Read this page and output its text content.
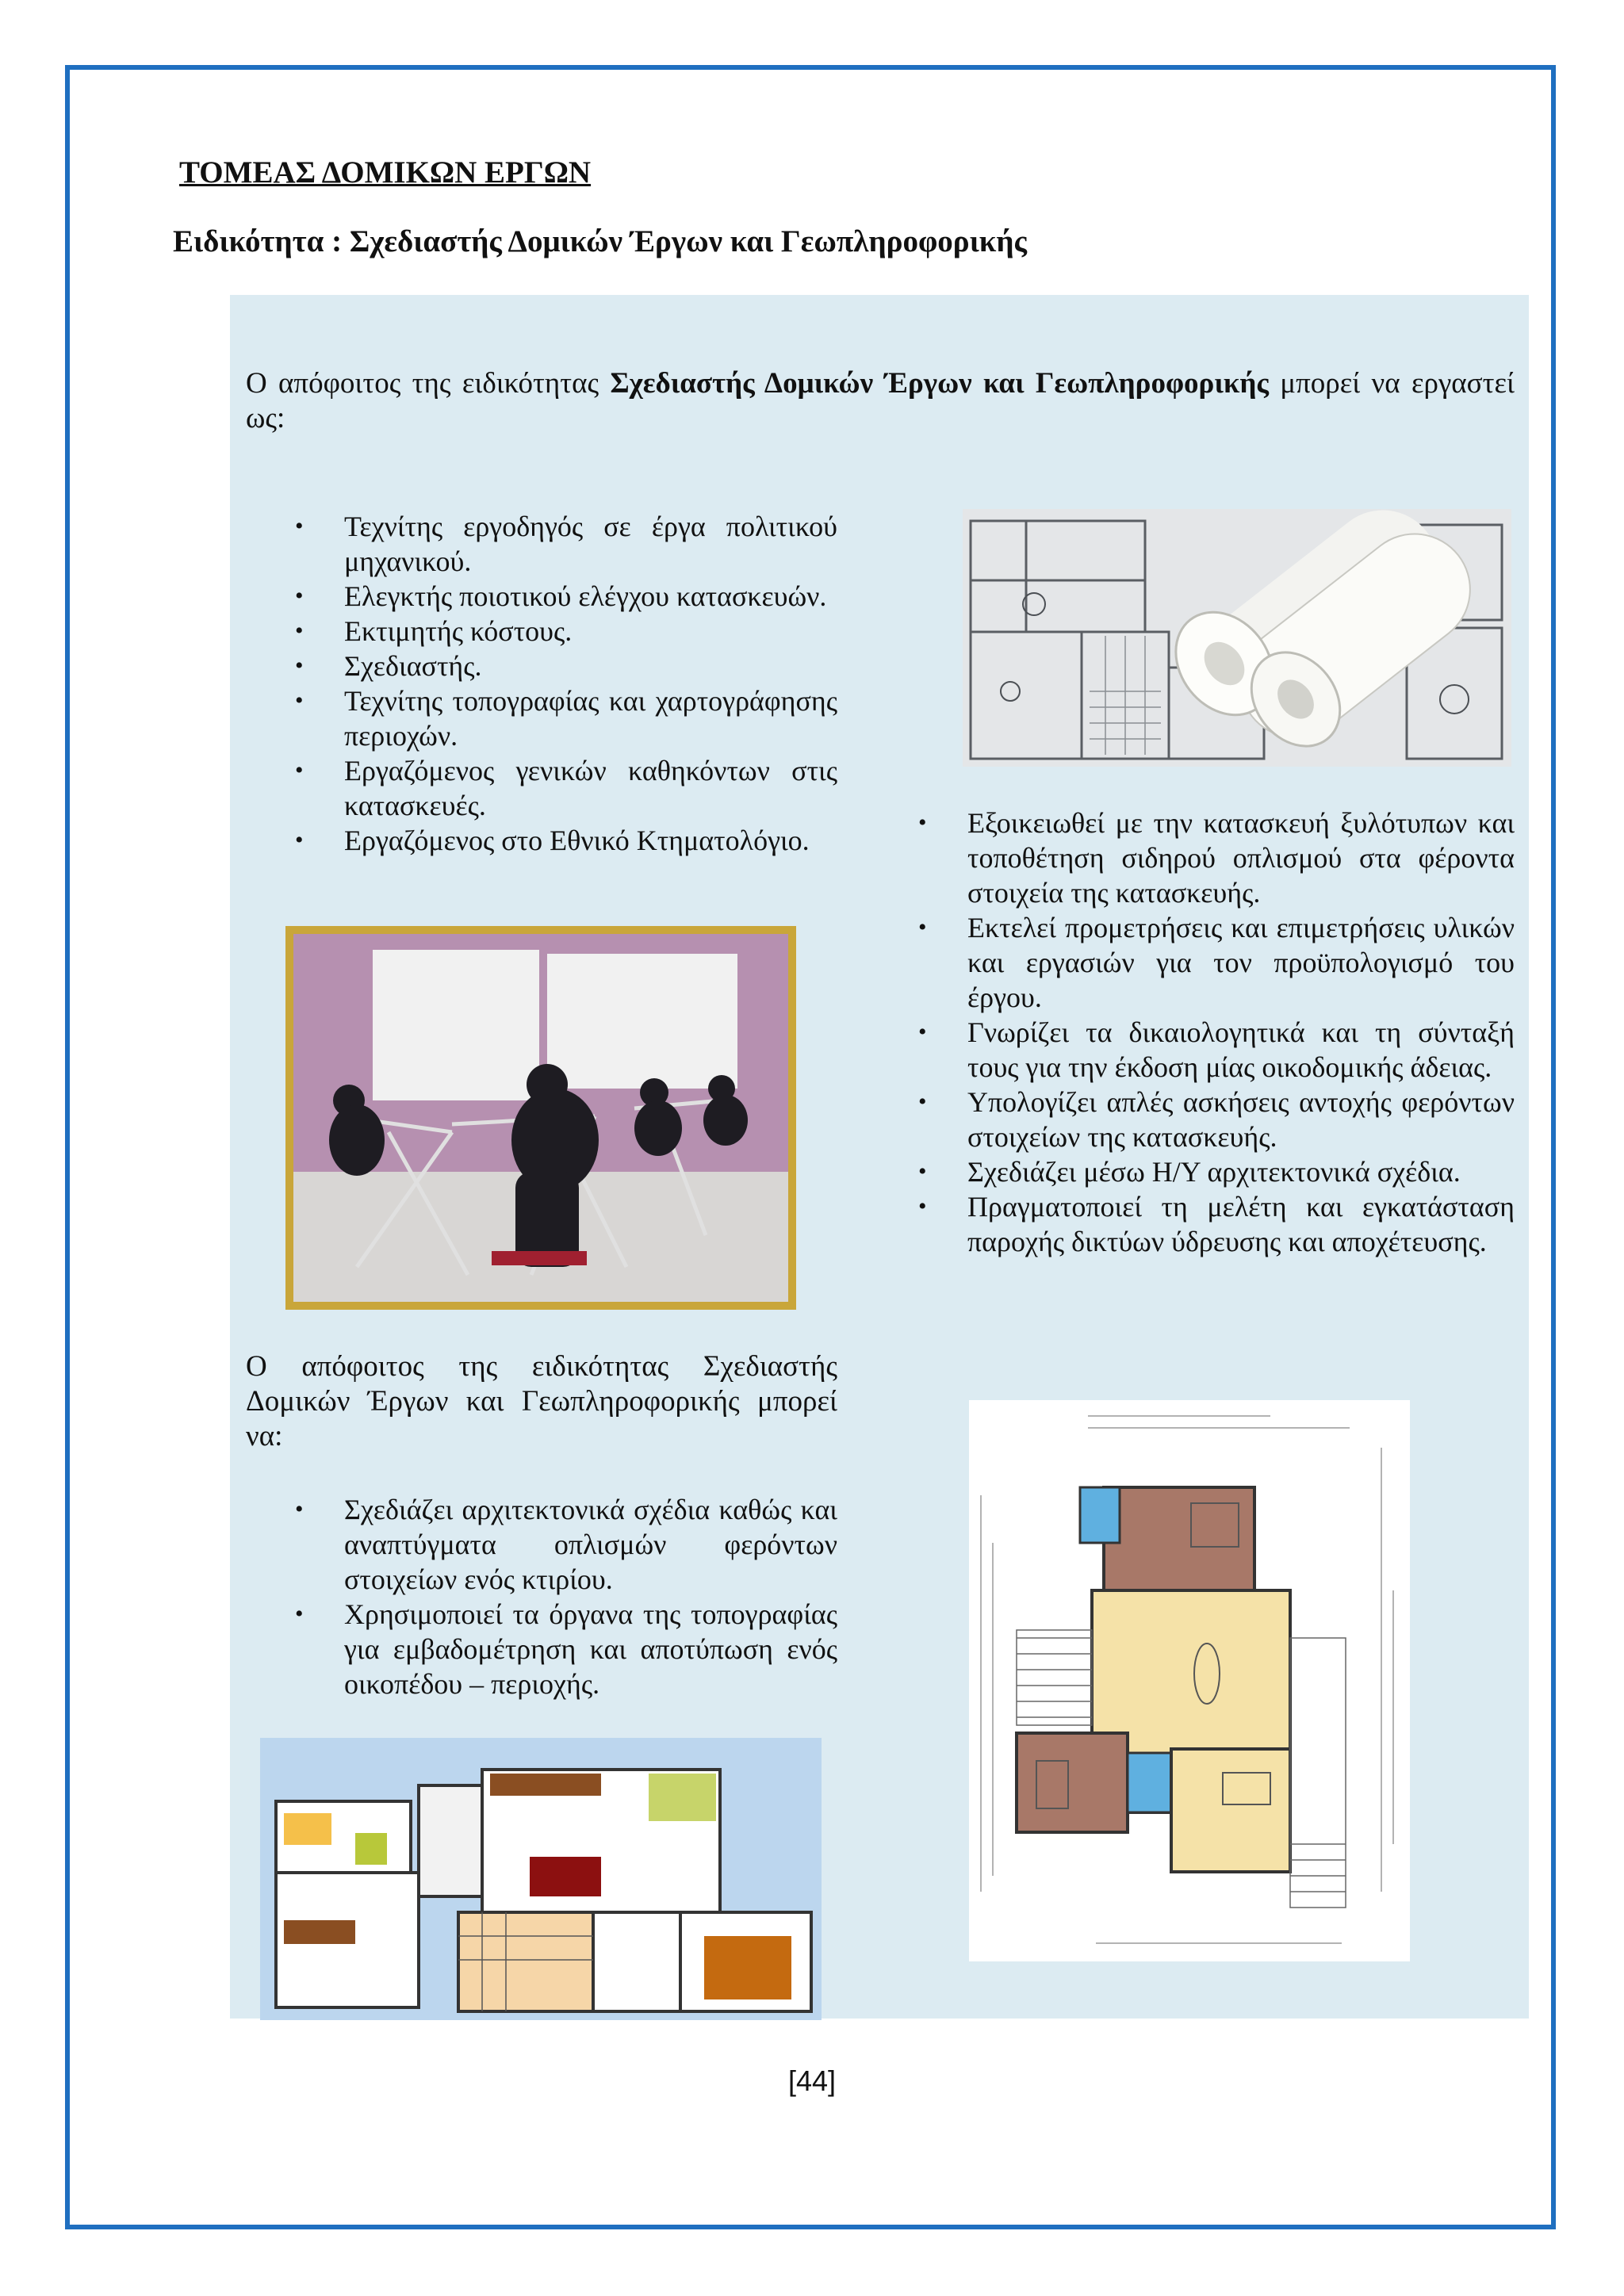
ΤΟΜΕΑΣ ΔΟΜΙΚΩΝ ΕΡΓΩΝ
Ειδικότητα : Σχεδιαστής Δομικών Έργων και Γεωπληροφορικής
Ο απόφοιτος της ειδικότητας Σχεδιαστής Δομικών Έργων και Γεωπληροφορικής μπορεί να εργαστεί ως:
• Τεχνίτης εργοδηγός σε έργα πολιτικού μηχανικού.
• Ελεγκτής ποιοτικού ελέγχου κατασκευών.
• Εκτιμητής κόστους.
• Σχεδιαστής.
• Τεχνίτης τοπογραφίας και χαρτογράφησης περιοχών.
• Εργαζόμενος γενικών καθηκόντων στις κατασκευές.
• Εργαζόμενος στο Εθνικό Κτηματολόγιο.
• Εξοικειωθεί με την κατασκευή ξυλότυπων και τοποθέτηση σιδηρού οπλισμού στα φέροντα στοιχεία της κατασκευής.
• Εκτελεί προμετρήσεις και επιμετρήσεις υλικών και εργασιών για τον προϋπολογισμό του έργου.
• Γνωρίζει τα δικαιολογητικά και τη σύνταξή τους για την έκδοση μίας οικοδομικής άδειας.
• Υπολογίζει απλές ασκήσεις αντοχής φερόντων στοιχείων της κατασκευής.
• Σχεδιάζει μέσω Η/Υ αρχιτεκτονικά σχέδια.
• Πραγματοποιεί τη μελέτη και εγκατάσταση παροχής δικτύων ύδρευσης και αποχέτευσης.
Ο απόφοιτος της ειδικότητας Σχεδιαστής Δομικών Έργων και Γεωπληροφορικής μπορεί να:
• Σχεδιάζει αρχιτεκτονικά σχέδια καθώς και αναπτύγματα οπλισμών φερόντων στοιχείων ενός κτιρίου.
• Χρησιμοποιεί τα όργανα της τοπογραφίας για εμβαδομέτρηση και αποτύπωση ενός οικοπέδου – περιοχής.
[44]
